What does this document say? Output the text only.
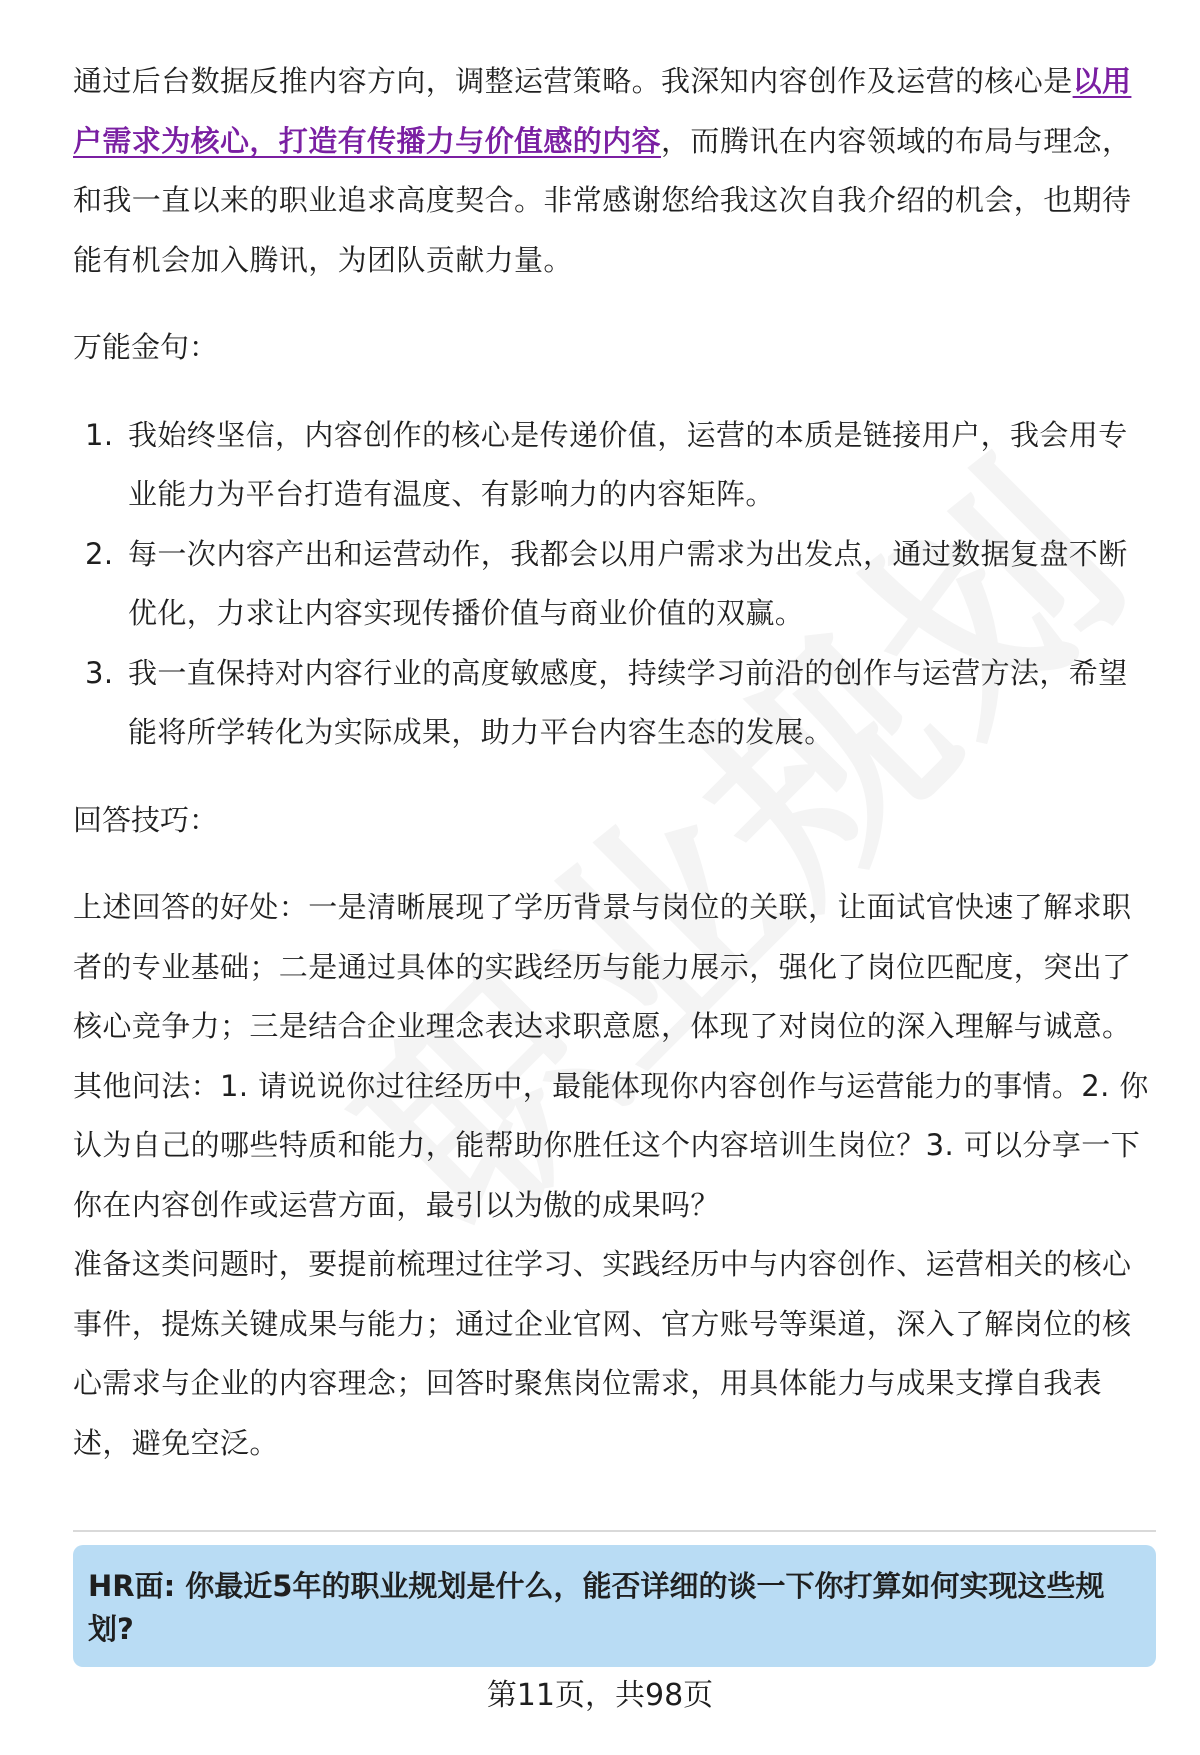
通过后台数据反推内容方向，调整运营策略。我深知内容创作及运营的核心是以用户需求为核心，打造有传播力与价值感的内容，而腾讯在内容领域的布局与理念，和我一直以来的职业追求高度契合。非常感谢您给我这次自我介绍的机会，也期待能有机会加入腾讯，为团队贡献力量。

万能金句：

1. 我始终坚信，内容创作的核心是传递价值，运营的本质是链接用户，我会用专业能力为平台打造有温度、有影响力的内容矩阵。
2. 每一次内容产出和运营动作，我都会以用户需求为出发点，通过数据复盘不断优化，力求让内容实现传播价值与商业价值的双赢。
3. 我一直保持对内容行业的高度敏感度，持续学习前沿的创作与运营方法，希望能将所学转化为实际成果，助力平台内容生态的发展。

回答技巧：

上述回答的好处：一是清晰展现了学历背景与岗位的关联，让面试官快速了解求职者的专业基础；二是通过具体的实践经历与能力展示，强化了岗位匹配度，突出了核心竞争力；三是结合企业理念表达求职意愿，体现了对岗位的深入理解与诚意。

其他问法：1. 请说说你过往经历中，最能体现你内容创作与运营能力的事情。2. 你认为自己的哪些特质和能力，能帮助你胜任这个内容培训生岗位？3. 可以分享一下你在内容创作或运营方面，最引以为傲的成果吗？

准备这类问题时，要提前梳理过往学习、实践经历中与内容创作、运营相关的核心事件，提炼关键成果与能力；通过企业官网、官方账号等渠道，深入了解岗位的核心需求与企业的内容理念；回答时聚焦岗位需求，用具体能力与成果支撑自我表述，避免空泛。

HR面: 你最近5年的职业规划是什么，能否详细的谈一下你打算如何实现这些规划?

第11页，共98页
